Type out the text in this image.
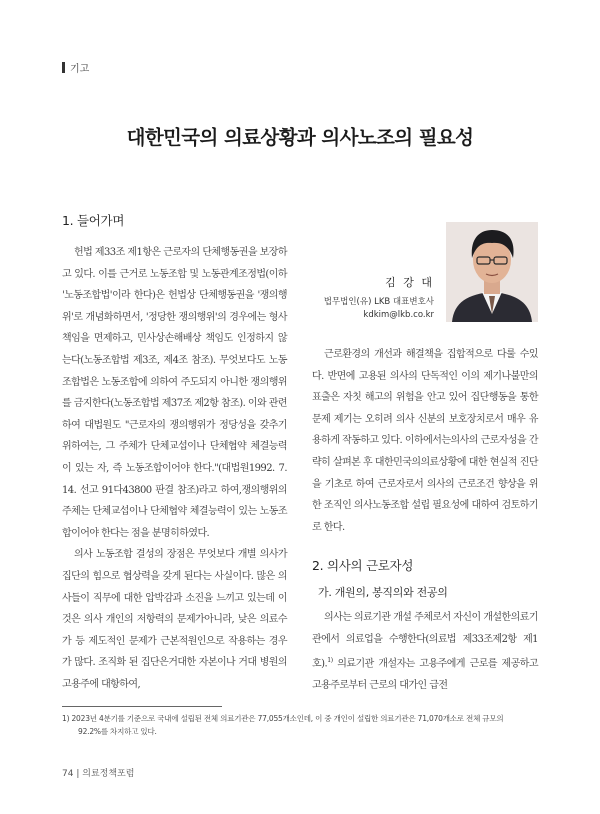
기고
대한민국의 의료상황과 의사노조의 필요성
1. 들어가며

헌법 제33조 제1항은 근로자의 단체행동권을 보장하고 있다. 이를 근거로 노동조합 및 노동관계조정법(이하 '노동조합법'이라 한다)은 헌법상 단체행동권을 '쟁의행위'로 개념화하면서, '정당한 쟁의행위'의 경우에는 형사책임을 면제하고, 민사상손해배상 책임도 인정하지 않는다(노동조합법 제3조, 제4조 참조). 무엇보다도 노동조합법은 노동조합에 의하여 주도되지 아니한 쟁의행위를 금지한다(노동조합법 제37조 제2항 참조). 이와 관련하여 대법원도 "근로자의 쟁의행위가 정당성을 갖추기 위하여는, 그 주체가 단체교섭이나 단체협약 체결능력이 있는 자, 즉 노동조합이어야 한다."(대법원1992. 7. 14. 선고 91다43800 판결 참조)라고 하여,쟁의행위의 주체는 단체교섭이나 단체협약 체결능력이 있는 노동조합이어야 한다는 점을 분명히하였다.

의사 노동조합 결성의 장점은 무엇보다 개별 의사가 집단의 힘으로 협상력을 갖게 된다는 사실이다. 많은 의사들이 직무에 대한 압박감과 소진을 느끼고 있는데 이것은 의사 개인의 저항력의 문제가아니라, 낮은 의료수가 등 제도적인 문제가 근본적원인으로 작용하는 경우가 많다. 조직화 된 집단은거대한 자본이나 거대 병원의 고용주에 대항하여,

김 강 대
법무법인(유) LKB 대표변호사
kdkim@lkb.co.kr

근로환경의 개선과 해결책을 집합적으로 다룰 수있다. 반면에 고용된 의사의 단독적인 이의 제기나불만의 표출은 자칫 해고의 위험을 안고 있어 집단행동을 통한 문제 제기는 오히려 의사 신분의 보호장치로서 매우 유용하게 작동하고 있다. 이하에서는의사의 근로자성을 간략히 살펴본 후 대한민국의의료상황에 대한 현실적 진단을 기초로 하여 근로자로서 의사의 근로조건 향상을 위한 조직인 의사노동조합 설립 필요성에 대하여 검토하기로 한다.

2. 의사의 근로자성
가. 개원의, 봉직의와 전공의

의사는 의료기관 개설 주체로서 자신이 개설한의료기관에서 의료업을 수행한다(의료법 제33조제2항 제1호).$^{1)}$ 의료기관 개설자는 고용주에게 근로를 제공하고 고용주로부터 근로의 대가인 급전

1) 2023년 4분기를 기준으로 국내에 설립된 전체 의료기관은 77,055개소인데, 이 중 개인이 설립한 의료기관은 71,070개소로 전체 규모의
92.2%를 차지하고 있다.
74 | 의료정책포럼
